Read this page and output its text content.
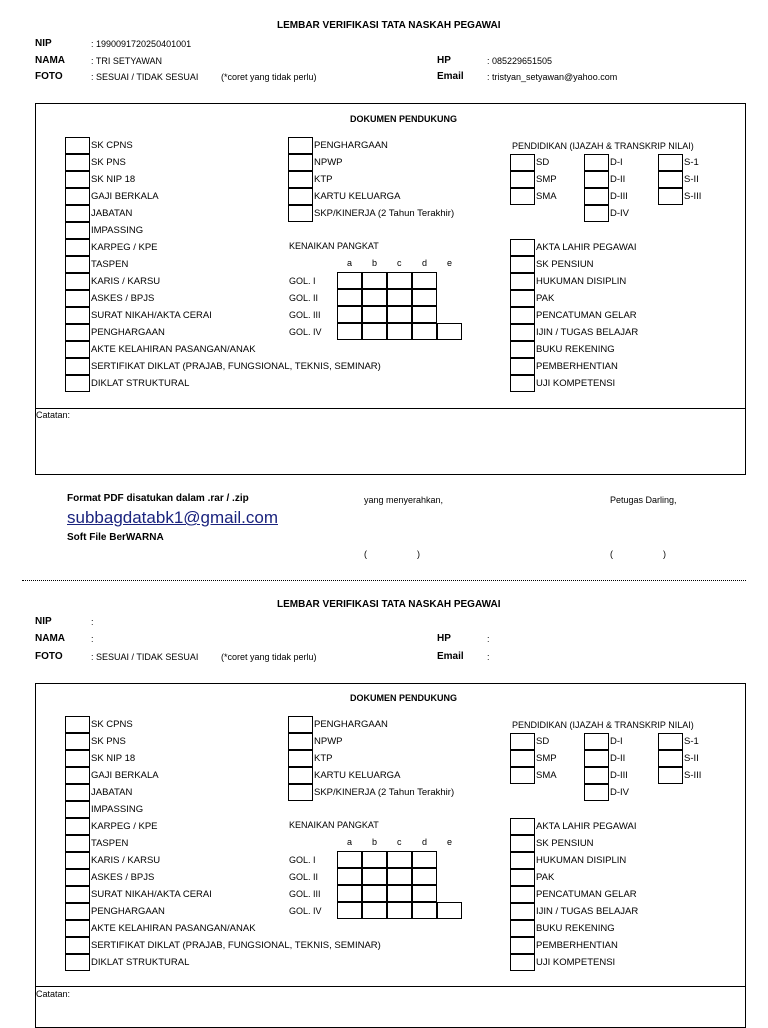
LEMBAR VERIFIKASI TATA NASKAH PEGAWAI
NIP	: 199009172025040100​1
NAMA	: TRI SETYAWAN
FOTO	: SESUAI / TIDAK SESUAI	(*coret yang tidak perlu)
HP	: 085229651505
Email	: tristyan_setyawan@yahoo.com
DOKUMEN PENDUKUNG
Catatan:
SK CPNS
SK PNS
SK NIP 18
GAJI BERKALA
JABATAN
IMPASSING
KARPEG / KPE
TASPEN
KARIS / KARSU
ASKES / BPJS
SURAT NIKAH/AKTA CERAI
PENGHARGAAN
AKTE KELAHIRAN PASANGAN/ANAK
SERTIFIKAT DIKLAT (PRAJAB, FUNGSIONAL, TEKNIS, SEMINAR)
DIKLAT STRUKTURAL
PENGHARGAAN
NPWP
KTP
KARTU KELUARGA
SKP/KINERJA (2 Tahun Terakhir)
KENAIKAN PANGKAT
PENDIDIKAN (IJAZAH & TRANSKRIP NILAI)
SD
SMP
SMA
D-I
D-II
D-III
D-IV
S-1
S-II
S-III
AKTA LAHIR PEGAWAI
SK PENSIUN
HUKUMAN DISIPLIN
PAK
PENCATUMAN GELAR
IJIN / TUGAS BELAJAR
BUKU REKENING
PEMBERHENTIAN
UJI KOMPETENSI
a b c d e
GOL. I
GOL. II
GOL. III
GOL. IV
Format PDF disatukan dalam .rar / .zip
subbagdatabk1@gmail.com
Soft File BerWARNA
yang menyerahkan,	Petugas Darling,
(                    )	(                    )
LEMBAR VERIFIKASI TATA NASKAH PEGAWAI
NIP	:
NAMA	:
FOTO	: SESUAI / TIDAK SESUAI	(*coret yang tidak perlu)
HP	:
Email	:
DOKUMEN PENDUKUNG
Catatan:
SK CPNS
SK PNS
SK NIP 18
GAJI BERKALA
JABATAN
IMPASSING
KARPEG / KPE
TASPEN
KARIS / KARSU
ASKES / BPJS
SURAT NIKAH/AKTA CERAI
PENGHARGAAN
AKTE KELAHIRAN PASANGAN/ANAK
SERTIFIKAT DIKLAT (PRAJAB, FUNGSIONAL, TEKNIS, SEMINAR)
DIKLAT STRUKTURAL
PENGHARGAAN
NPWP
KTP
KARTU KELUARGA
SKP/KINERJA (2 Tahun Terakhir)
KENAIKAN PANGKAT
PENDIDIKAN (IJAZAH & TRANSKRIP NILAI)
SD
SMP
SMA
D-I
D-II
D-III
D-IV
S-1
S-II
S-III
AKTA LAHIR PEGAWAI
SK PENSIUN
HUKUMAN DISIPLIN
PAK
PENCATUMAN GELAR
IJIN / TUGAS BELAJAR
BUKU REKENING
PEMBERHENTIAN
UJI KOMPETENSI
a b c d e
GOL. I
GOL. II
GOL. III
GOL. IV
